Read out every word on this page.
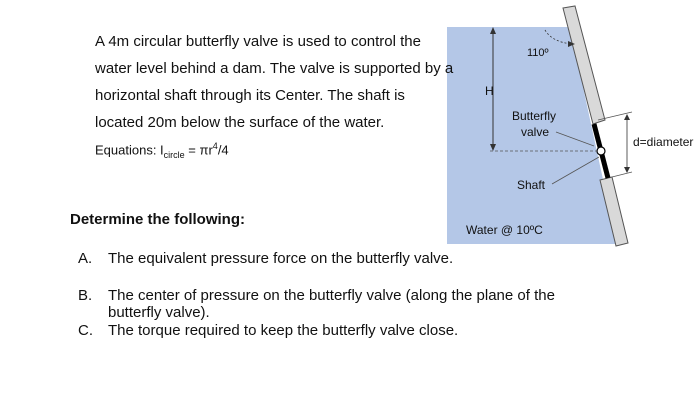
H
110º
Butterfly
valve
Shaft
Water @ 10ºC
d=diameter
A 4m circular butterfly valve is used to control the water level behind a dam. The valve is supported by a horizontal shaft through its Center. The shaft is located 20m below the surface of the water.
Equations: $I_{circle} = \pi r^4/4$
Determine the following:
A.	The equivalent pressure force on the butterfly valve.
B.	The center of pressure on the butterfly valve (along the plane of the butterfly valve).
C.	The torque required to keep the butterfly valve close.
